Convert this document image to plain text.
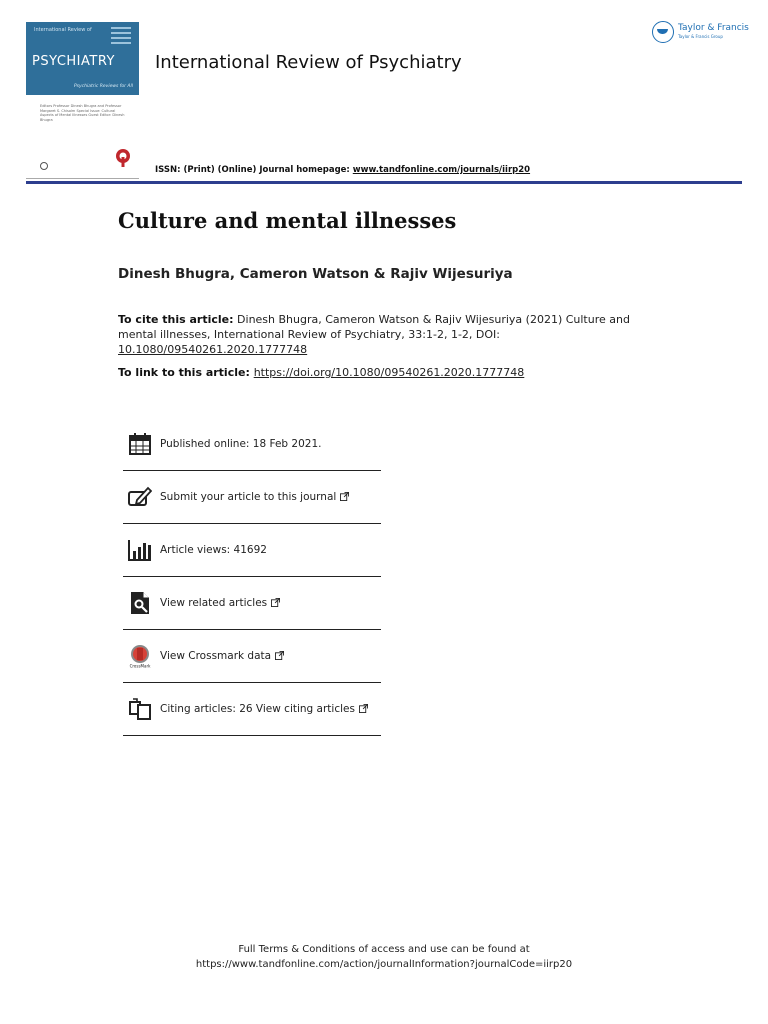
International Review of
PSYCHIATRY
Psychiatric Reviews for All
Editors Professor Dinesh Bhugra and Professor Margaret S. Chisolm Special Issue: Cultural Aspects of Mental Illnesses Guest Editor: Dinesh Bhugra
International Review of Psychiatry
Taylor & Francis
Taylor & Francis Group
ISSN: (Print) (Online) Journal homepage: www.tandfonline.com/journals/iirp20
Culture and mental illnesses
Dinesh Bhugra, Cameron Watson & Rajiv Wijesuriya
To cite this article: Dinesh Bhugra, Cameron Watson & Rajiv Wijesuriya (2021) Culture and mental illnesses, International Review of Psychiatry, 33:1-2, 1-2, DOI: 10.1080/09540261.2020.1777748
To link to this article: https://doi.org/10.1080/09540261.2020.1777748
Published online: 18 Feb 2021.
Submit your article to this journal
Article views: 41692
View related articles
CrossMark
View Crossmark data
Citing articles: 26 View citing articles
Full Terms & Conditions of access and use can be found at
https://www.tandfonline.com/action/journalInformation?journalCode=iirp20
